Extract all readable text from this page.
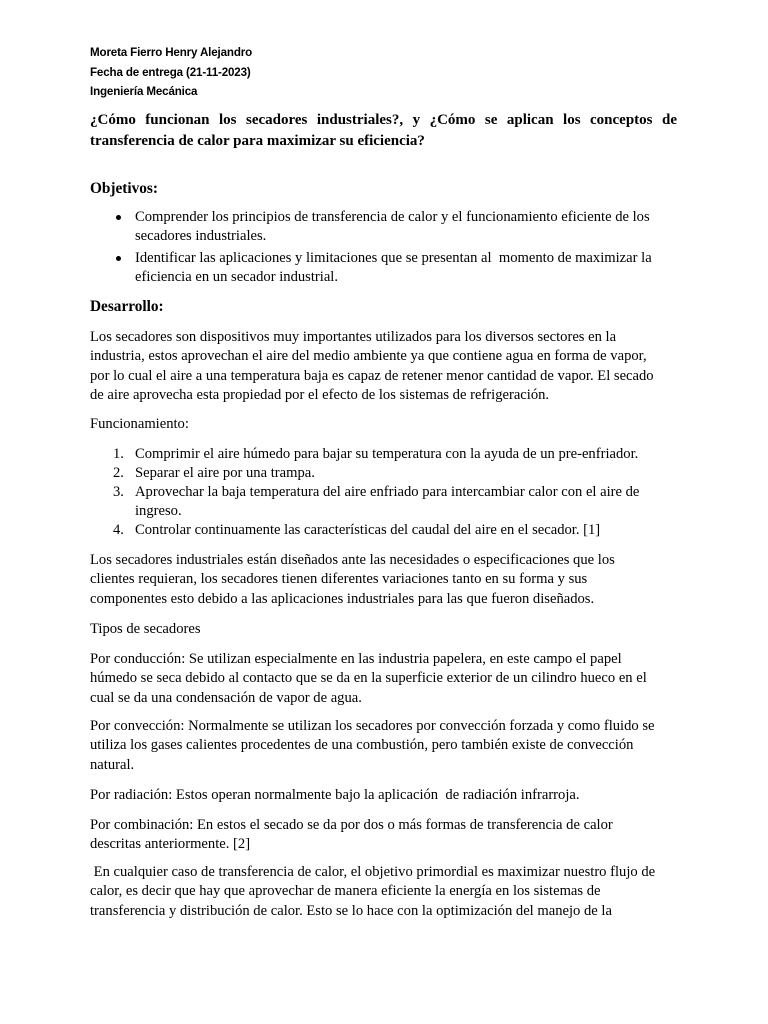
Moreta Fierro Henry Alejandro
Fecha de entrega (21-11-2023)
Ingeniería Mecánica
¿Cómo funcionan los secadores industriales?, y ¿Cómo se aplican los conceptos de
transferencia de calor para maximizar su eficiencia?
Objetivos:
Comprender los principios de transferencia de calor y el funcionamiento eficiente de los
secadores industriales.
Identificar las aplicaciones y limitaciones que se presentan al  momento de maximizar la
eficiencia en un secador industrial.
Desarrollo:
Los secadores son dispositivos muy importantes utilizados para los diversos sectores en la
industria, estos aprovechan el aire del medio ambiente ya que contiene agua en forma de vapor,
por lo cual el aire a una temperatura baja es capaz de retener menor cantidad de vapor. El secado
de aire aprovecha esta propiedad por el efecto de los sistemas de refrigeración.
Funcionamiento:
1. Comprimir el aire húmedo para bajar su temperatura con la ayuda de un pre-enfriador.
2. Separar el aire por una trampa.
3. Aprovechar la baja temperatura del aire enfriado para intercambiar calor con el aire de
ingreso.
4. Controlar continuamente las características del caudal del aire en el secador. [1]
Los secadores industriales están diseñados ante las necesidades o especificaciones que los
clientes requieran, los secadores tienen diferentes variaciones tanto en su forma y sus
componentes esto debido a las aplicaciones industriales para las que fueron diseñados.
Tipos de secadores
Por conducción: Se utilizan especialmente en las industria papelera, en este campo el papel
húmedo se seca debido al contacto que se da en la superficie exterior de un cilindro hueco en el
cual se da una condensación de vapor de agua.
Por convección: Normalmente se utilizan los secadores por convección forzada y como fluido se
utiliza los gases calientes procedentes de una combustión, pero también existe de convección
natural.
Por radiación: Estos operan normalmente bajo la aplicación  de radiación infrarroja.
Por combinación: En estos el secado se da por dos o más formas de transferencia de calor
descritas anteriormente. [2]
En cualquier caso de transferencia de calor, el objetivo primordial es maximizar nuestro flujo de
calor, es decir que hay que aprovechar de manera eficiente la energía en los sistemas de
transferencia y distribución de calor. Esto se lo hace con la optimización del manejo de la
